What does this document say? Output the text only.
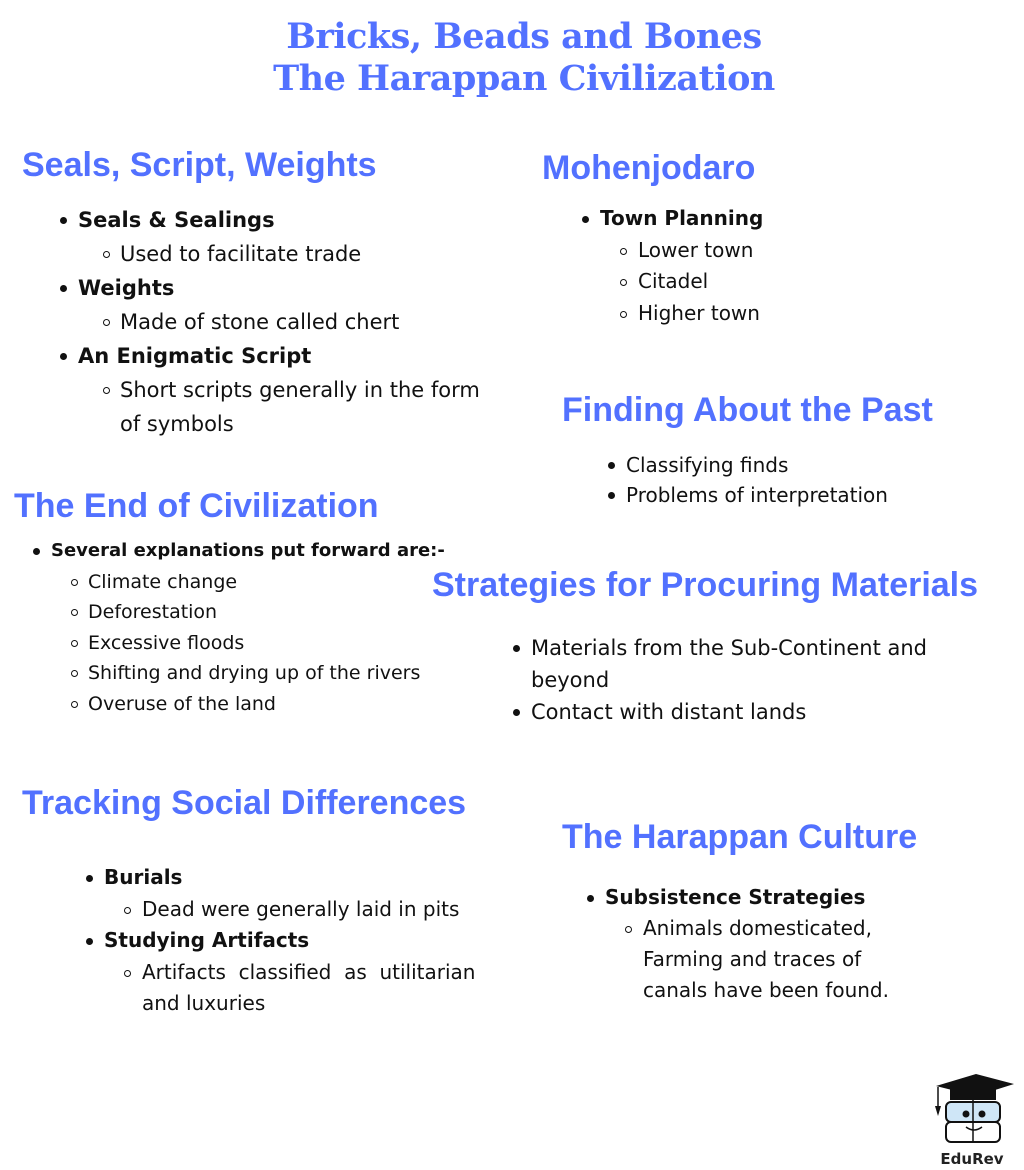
Bricks, Beads and Bones
The Harappan Civilization
Seals, Script, Weights
Seals & Sealings
Used to facilitate trade
Weights
Made of stone called chert
An Enigmatic Script
Short scripts generally in the form
of symbols
Mohenjodaro
Town Planning
Lower town
Citadel
Higher town
Finding About the Past
Classifying finds
Problems of interpretation
The End of Civilization
Several explanations put forward are:-
Climate change
Deforestation
Excessive floods
Shifting and drying up of the rivers
Overuse of the land
Strategies for Procuring Materials
Materials from the Sub-Continent and
beyond
Contact with distant lands
Tracking Social Differences
Burials
Dead were generally laid in pits
Studying Artifacts
Artifacts  classified  as  utilitarian
and luxuries
The Harappan Culture
Subsistence Strategies
Animals domesticated,
Farming and traces of
canals have been found.
EduRev
